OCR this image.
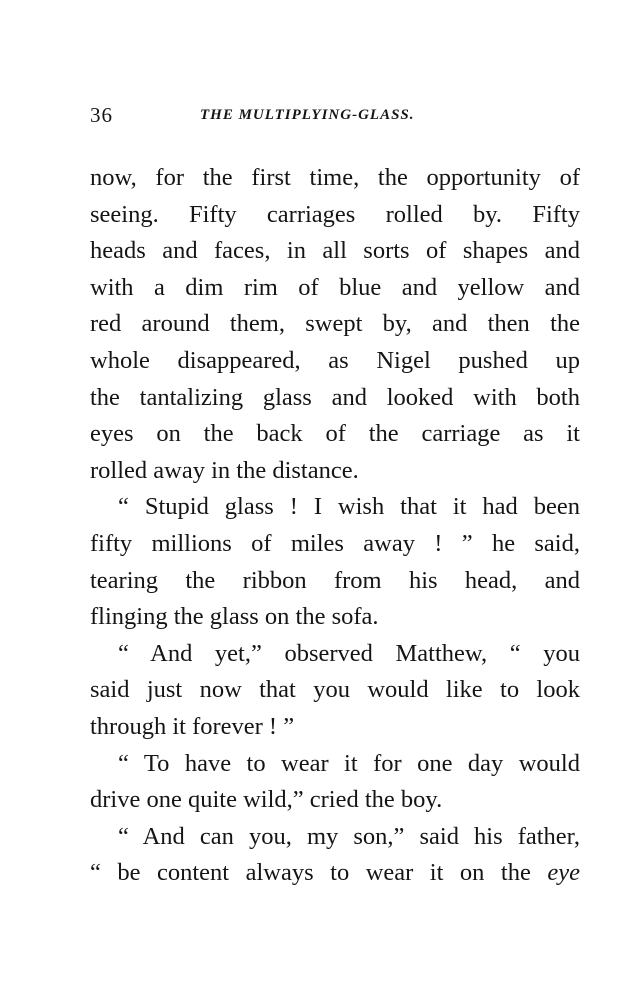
36	THE MULTIPLYING-GLASS.
now, for the first time, the opportunity of
seeing. Fifty carriages rolled by. Fifty
heads and faces, in all sorts of shapes and
with a dim rim of blue and yellow and
red around them, swept by, and then the
whole disappeared, as Nigel pushed up
the tantalizing glass and looked with both
eyes on the back of the carriage as it
rolled away in the distance.
“ Stupid glass ! I wish that it had been
fifty millions of miles away ! ” he said,
tearing the ribbon from his head, and
flinging the glass on the sofa.
“ And yet,” observed Matthew, “ you
said just now that you would like to look
through it forever ! ”
“ To have to wear it for one day would
drive one quite wild,” cried the boy.
“ And can you, my son,” said his father,
“ be content always to wear it on the eye
